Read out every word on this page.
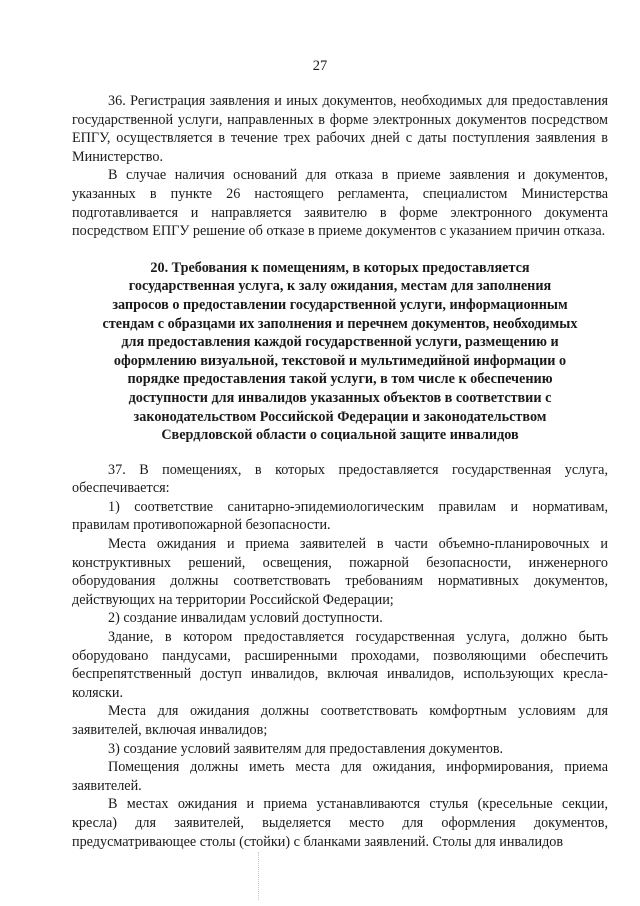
27

36. Регистрация заявления и иных документов, необходимых для предоставления государственной услуги, направленных в форме электронных документов посредством ЕПГУ, осуществляется в течение трех рабочих дней с даты поступления заявления в Министерство.

В случае наличия оснований для отказа в приеме заявления и документов, указанных в пункте 26 настоящего регламента, специалистом Министерства подготавливается и направляется заявителю в форме электронного документа посредством ЕПГУ решение об отказе в приеме документов с указанием причин отказа.

20. Требования к помещениям, в которых предоставляется государственная услуга, к залу ожидания, местам для заполнения запросов о предоставлении государственной услуги, информационным стендам с образцами их заполнения и перечнем документов, необходимых для предоставления каждой государственной услуги, размещению и оформлению визуальной, текстовой и мультимедийной информации о порядке предоставления такой услуги, в том числе к обеспечению доступности для инвалидов указанных объектов в соответствии с законодательством Российской Федерации и законодательством Свердловской области о социальной защите инвалидов

37. В помещениях, в которых предоставляется государственная услуга, обеспечивается:

1) соответствие санитарно-эпидемиологическим правилам и нормативам, правилам противопожарной безопасности.

Места ожидания и приема заявителей в части объемно-планировочных и конструктивных решений, освещения, пожарной безопасности, инженерного оборудования должны соответствовать требованиям нормативных документов, действующих на территории Российской Федерации;

2) создание инвалидам условий доступности.

Здание, в котором предоставляется государственная услуга, должно быть оборудовано пандусами, расширенными проходами, позволяющими обеспечить беспрепятственный доступ инвалидов, включая инвалидов, использующих кресла-коляски.

Места для ожидания должны соответствовать комфортным условиям для заявителей, включая инвалидов;

3) создание условий заявителям для предоставления документов.

Помещения должны иметь места для ожидания, информирования, приема заявителей.

В местах ожидания и приема устанавливаются стулья (кресельные секции, кресла) для заявителей, выделяется место для оформления документов, предусматривающее столы (стойки) с бланками заявлений. Столы для инвалидов
